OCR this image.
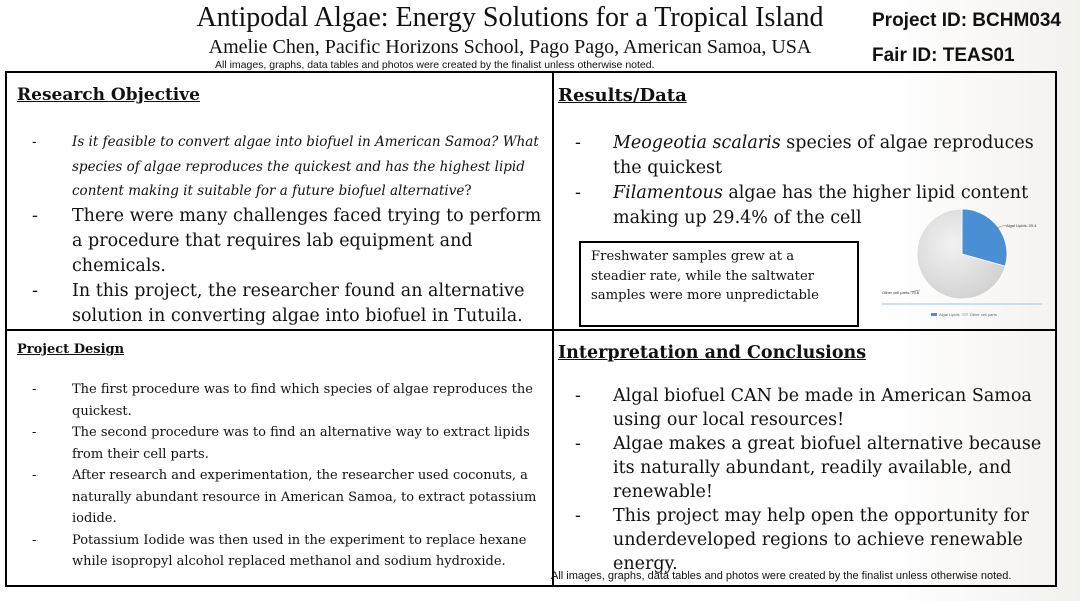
Antipodal Algae: Energy Solutions for a Tropical Island
Amelie Chen, Pacific Horizons School, Pago Pago, American Samoa, USA
All images, graphs, data tables and photos were created by the finalist unless otherwise noted.
Project ID: BCHM034
Fair ID: TEAS01
Research Objective
-	Is it feasible to convert algae into biofuel in American Samoa? What species of algae reproduces the quickest and has the highest lipid content making it suitable for a future biofuel alternative?
- There were many challenges faced trying to perform a procedure that requires lab equipment and chemicals.
- In this project, the researcher found an alternative solution in converting algae into biofuel in Tutuila.
Results/Data
- Meogeotia scalaris species of algae reproduces the quickest
- Filamentous algae has the higher lipid content making up 29.4% of the cell
Freshwater samples grew at a steadier rate, while the saltwater samples were more unpredictable
Algal Lipids: 29.4
Other cell parts: 70.6
Algal Lipids	Other cell parts
Project Design
-	The first procedure was to find which species of algae reproduces the quickest.
-	The second procedure was to find an alternative way to extract lipids from their cell parts.
-	After research and experimentation, the researcher used coconuts, a naturally abundant resource in American Samoa, to extract potassium iodide.
-	Potassium Iodide was then used in the experiment to replace hexane while isopropyl alcohol replaced methanol and sodium hydroxide.
Interpretation and Conclusions
- Algal biofuel CAN be made in American Samoa using our local resources!
- Algae makes a great biofuel alternative because its naturally abundant, readily available, and renewable!
- This project may help open the opportunity for underdeveloped regions to achieve renewable energy.
All images, graphs, data tables and photos were created by the finalist unless otherwise noted.
